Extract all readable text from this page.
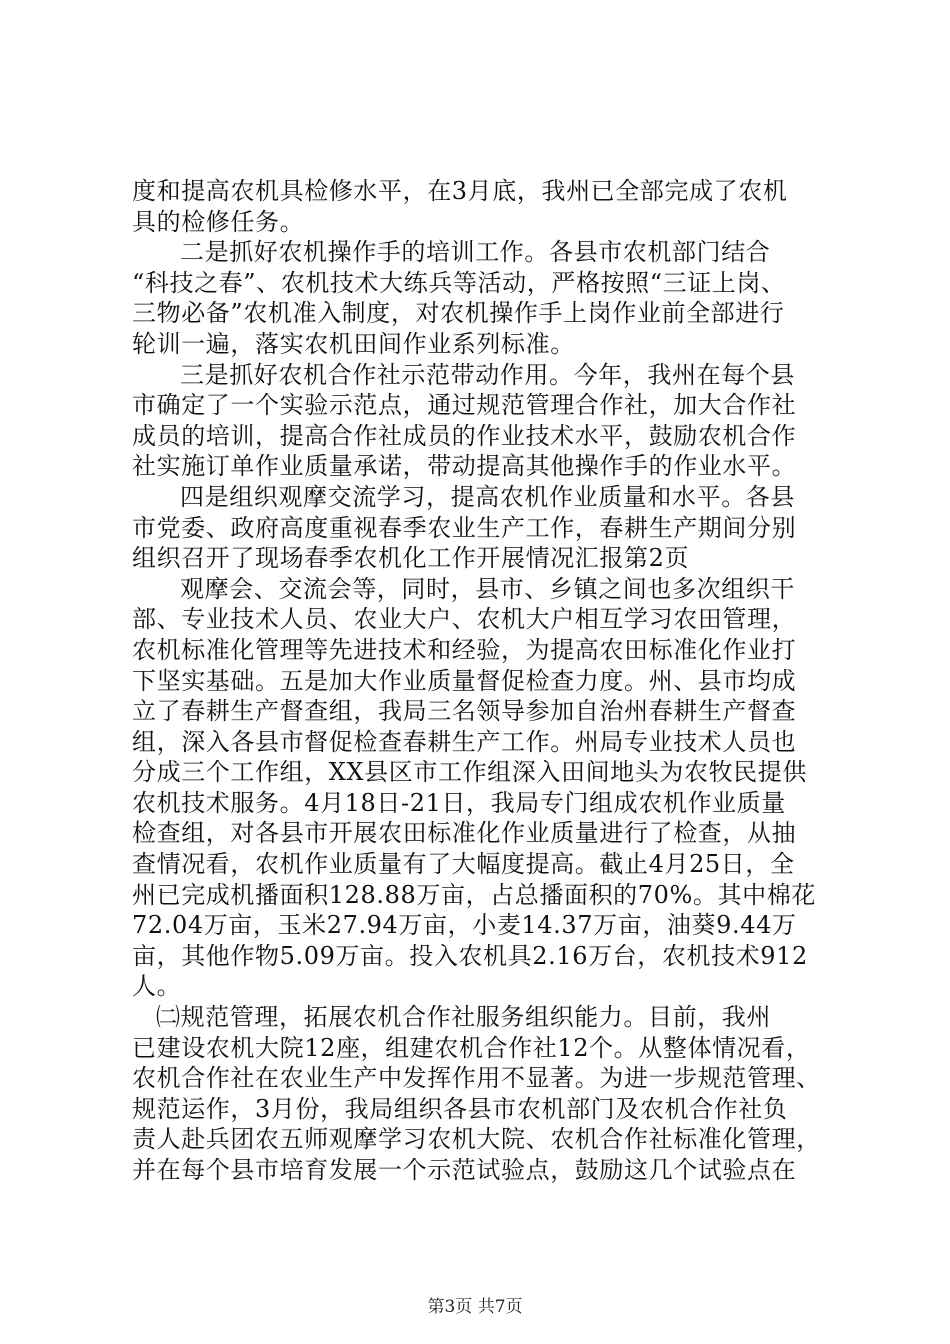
度和提高农机具检修水平，在3月底，我州已全部完成了农机
具的检修任务。
二是抓好农机操作手的培训工作。各县市农机部门结合
“科技之春”、农机技术大练兵等活动，严格按照“三证上岗、
三物必备”农机准入制度，对农机操作手上岗作业前全部进行
轮训一遍，落实农机田间作业系列标准。
三是抓好农机合作社示范带动作用。今年，我州在每个县
市确定了一个实验示范点，通过规范管理合作社，加大合作社
成员的培训，提高合作社成员的作业技术水平，鼓励农机合作
社实施订单作业质量承诺，带动提高其他操作手的作业水平。
四是组织观摩交流学习，提高农机作业质量和水平。各县
市党委、政府高度重视春季农业生产工作，春耕生产期间分别
组织召开了现场春季农机化工作开展情况汇报第2页
观摩会、交流会等，同时，县市、乡镇之间也多次组织干
部、专业技术人员、农业大户、农机大户相互学习农田管理，
农机标准化管理等先进技术和经验，为提高农田标准化作业打
下坚实基础。五是加大作业质量督促检查力度。州、县市均成
立了春耕生产督查组，我局三名领导参加自治州春耕生产督查
组，深入各县市督促检查春耕生产工作。州局专业技术人员也
分成三个工作组，XX县区市工作组深入田间地头为农牧民提供
农机技术服务。4月18日-21日，我局专门组成农机作业质量
检查组，对各县市开展农田标准化作业质量进行了检查，从抽
查情况看，农机作业质量有了大幅度提高。截止4月25日，全
州已完成机播面积128.88万亩，占总播面积的70%。其中棉花
72.04万亩，玉米27.94万亩，小麦14.37万亩，油葵9.44万
亩，其他作物5.09万亩。投入农机具2.16万台，农机技术912
人。
㈡规范管理，拓展农机合作社服务组织能力。目前，我州
已建设农机大院12座，组建农机合作社12个。从整体情况看，
农机合作社在农业生产中发挥作用不显著。为进一步规范管理、
规范运作，3月份，我局组织各县市农机部门及农机合作社负
责人赴兵团农五师观摩学习农机大院、农机合作社标准化管理，
并在每个县市培育发展一个示范试验点，鼓励这几个试验点在
第3页 共7页
